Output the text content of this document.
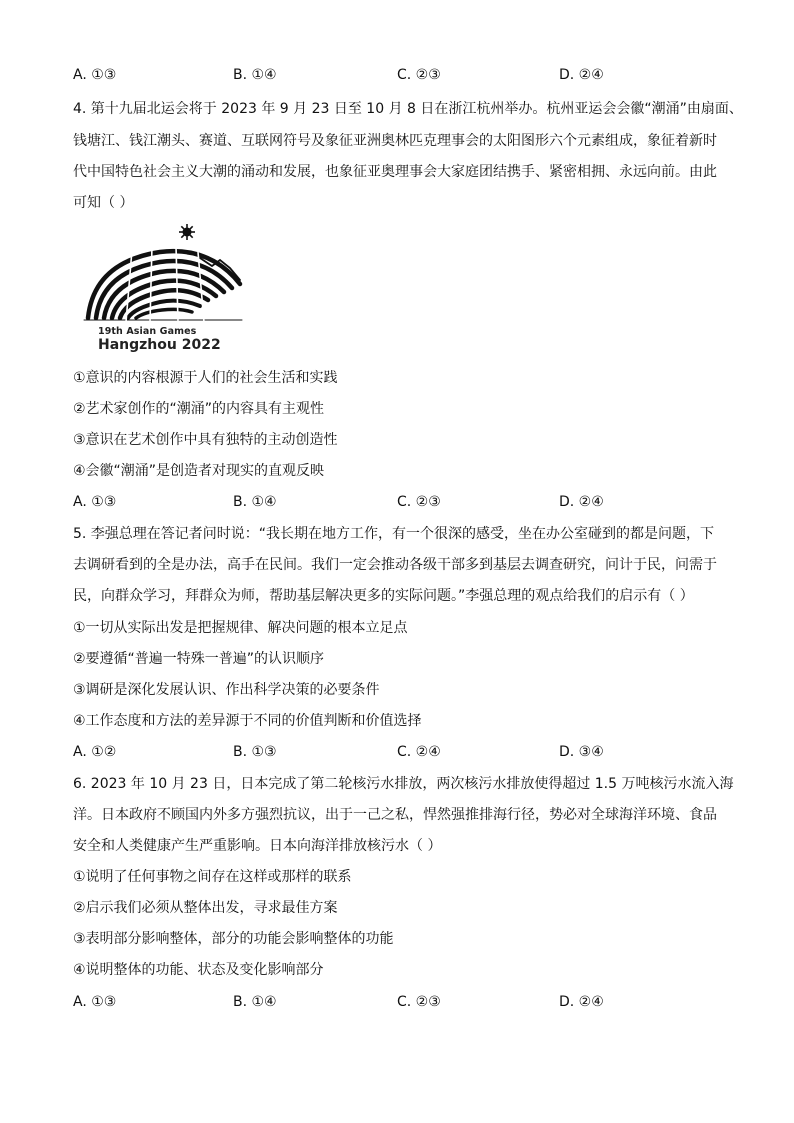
A. ①③	B. ①④	C. ②③	D. ②④
4. 第十九届北运会将于 2023 年 9 月 23 日至 10 月 8 日在浙江杭州举办。杭州亚运会会徽“潮涌”由扇面、
钱塘江、钱江潮头、赛道、互联网符号及象征亚洲奥林匹克理事会的太阳图形六个元素组成，象征着新时
代中国特色社会主义大潮的涌动和发展，也象征亚奥理事会大家庭团结携手、紧密相拥、永远向前。由此
可知（ ）
19th Asian Games
Hangzhou 2022
①意识的内容根源于人们的社会生活和实践
②艺术家创作的“潮涌”的内容具有主观性
③意识在艺术创作中具有独特的主动创造性
④会徽“潮涌”是创造者对现实的直观反映
A. ①③	B. ①④	C. ②③	D. ②④
5. 李强总理在答记者问时说：“我长期在地方工作，有一个很深的感受，坐在办公室碰到的都是问题，下
去调研看到的全是办法，高手在民间。我们一定会推动各级干部多到基层去调查研究，问计于民，问需于
民，向群众学习，拜群众为师，帮助基层解决更多的实际问题。”李强总理的观点给我们的启示有（ ）
①一切从实际出发是把握规律、解决问题的根本立足点
②要遵循“普遍一特殊一普遍”的认识顺序
③调研是深化发展认识、作出科学决策的必要条件
④工作态度和方法的差异源于不同的价值判断和价值选择
A. ①②	B. ①③	C. ②④	D. ③④
6. 2023 年 10 月 23 日，日本完成了第二轮核污水排放，两次核污水排放使得超过 1.5 万吨核污水流入海
洋。日本政府不顾国内外多方强烈抗议，出于一己之私，悍然强推排海行径，势必对全球海洋环境、食品
安全和人类健康产生严重影响。日本向海洋排放核污水（ ）
①说明了任何事物之间存在这样或那样的联系
②启示我们必须从整体出发，寻求最佳方案
③表明部分影响整体，部分的功能会影响整体的功能
④说明整体的功能、状态及变化影响部分
A. ①③	B. ①④	C. ②③	D. ②④
